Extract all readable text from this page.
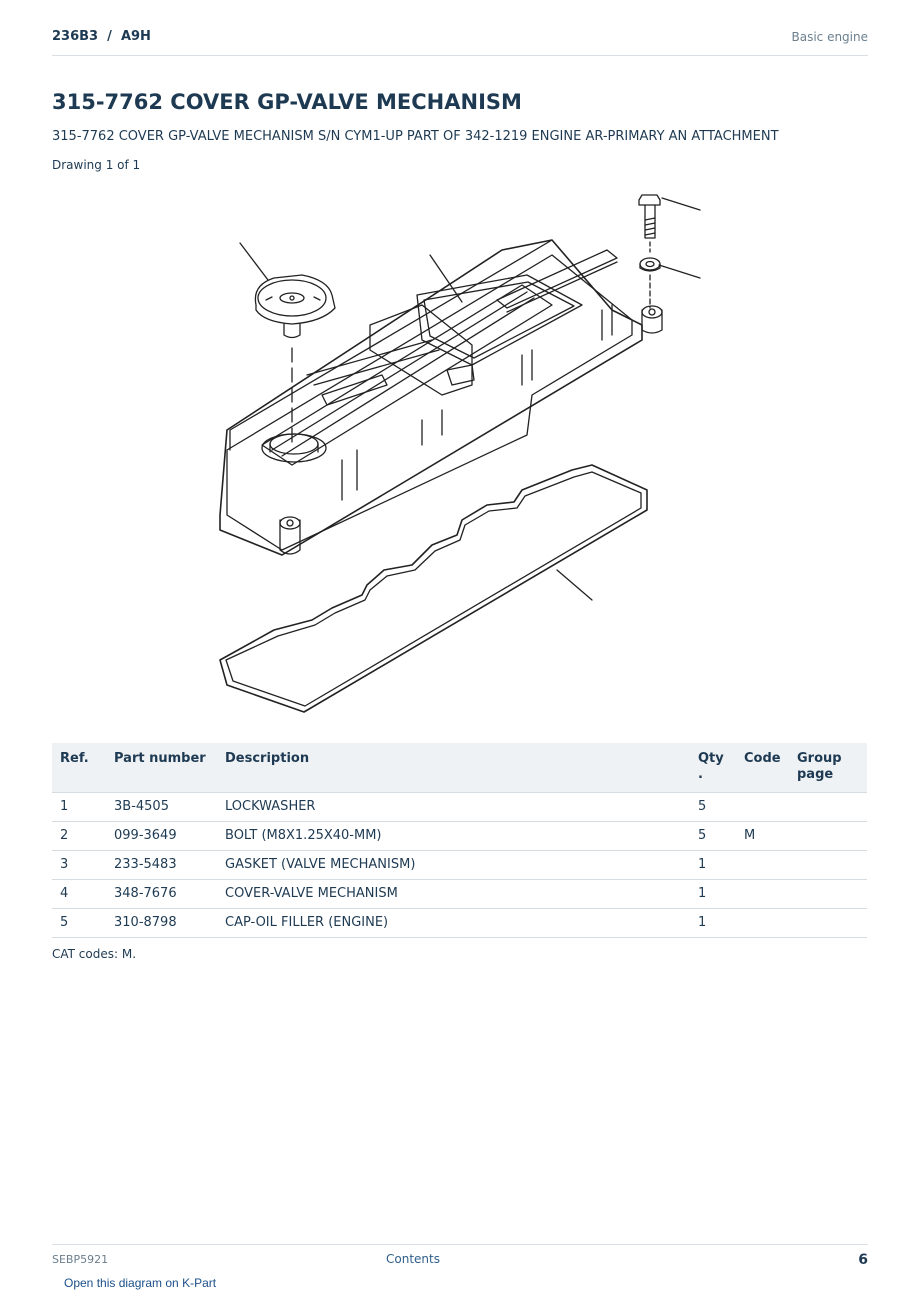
236B3  /  A9H	Basic engine
315-7762 COVER GP-VALVE MECHANISM
315-7762 COVER GP-VALVE MECHANISM S/N CYM1-UP PART OF 342-1219 ENGINE AR-PRIMARY AN ATTACHMENT
Drawing 1 of 1
Ref.	Part number	Description	Qty .	Code	Group page
1	3B-4505	LOCKWASHER	5		
2	099-3649	BOLT (M8X1.25X40-MM)	5	M	
3	233-5483	GASKET (VALVE MECHANISM)	1		
4	348-7676	COVER-VALVE MECHANISM	1		
5	310-8798	CAP-OIL FILLER (ENGINE)	1		
CAT codes: M.
SEBP5921	Contents	6
Open this diagram on K-Part
